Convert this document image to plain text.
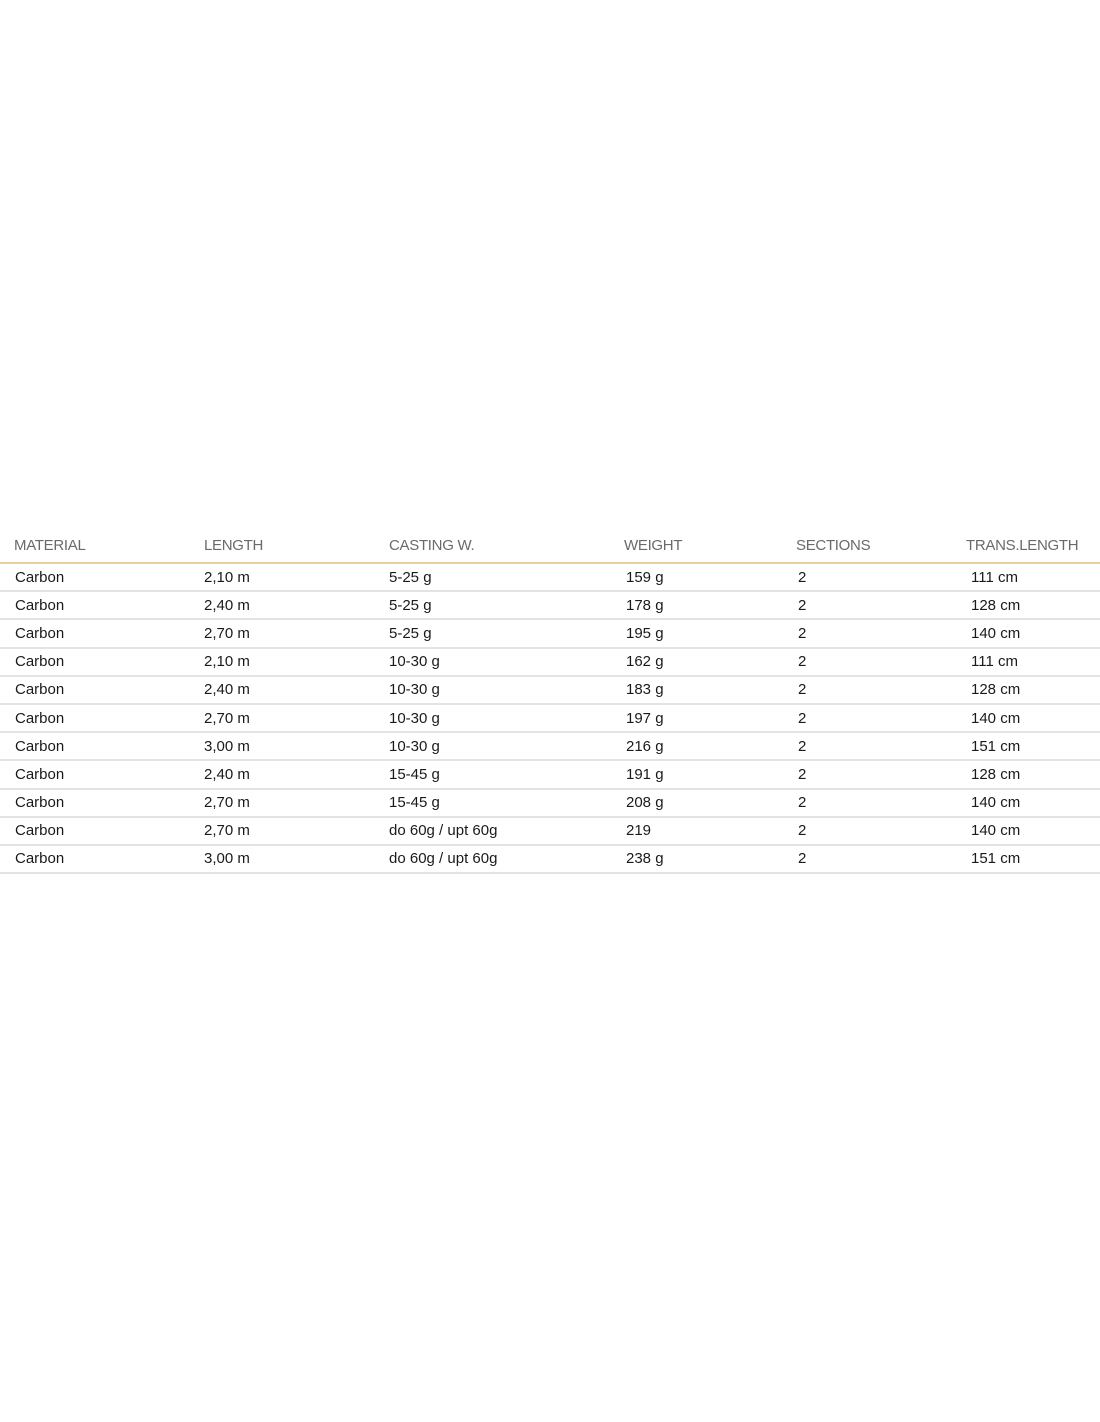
MATERIAL	LENGTH	CASTING W.	WEIGHT	SECTIONS	TRANS.LENGTH
Carbon	2,10 m	5-25 g	159 g	2	111 cm
Carbon	2,40 m	5-25 g	178 g	2	128 cm
Carbon	2,70 m	5-25 g	195 g	2	140 cm
Carbon	2,10 m	10-30 g	162 g	2	111 cm
Carbon	2,40 m	10-30 g	183 g	2	128 cm
Carbon	2,70 m	10-30 g	197 g	2	140 cm
Carbon	3,00 m	10-30 g	216 g	2	151 cm
Carbon	2,40 m	15-45 g	191 g	2	128 cm
Carbon	2,70 m	15-45 g	208 g	2	140 cm
Carbon	2,70 m	do 60g / upt 60g	219	2	140 cm
Carbon	3,00 m	do 60g / upt 60g	238 g	2	151 cm
